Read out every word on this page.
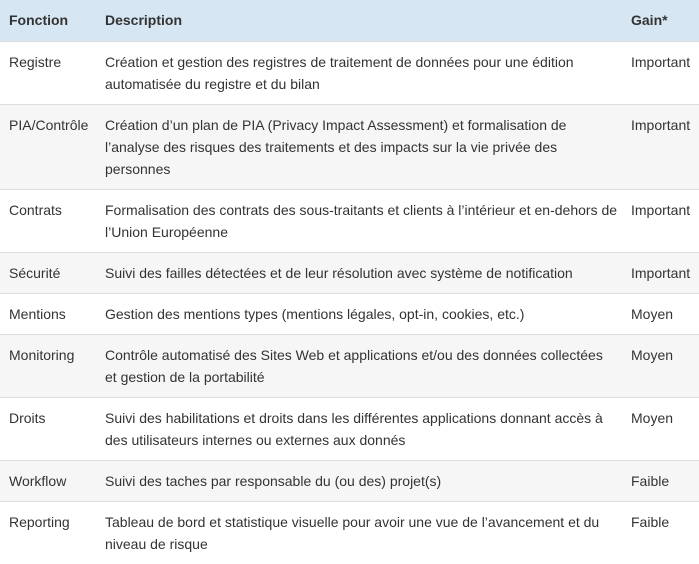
Fonction	Description	Gain*
Registre	Création et gestion des registres de traitement de données pour une édition automatisée du registre et du bilan	Important
PIA/Contrôle	Création d’un plan de PIA (Privacy Impact Assessment) et formalisation de l’analyse des risques des traitements et des impacts sur la vie privée des personnes	Important
Contrats	Formalisation des contrats des sous-traitants et clients à l’intérieur et en-dehors de l’Union Européenne	Important
Sécurité	Suivi des failles détectées et de leur résolution avec système de notification	Important
Mentions	Gestion des mentions types (mentions légales, opt-in, cookies, etc.)	Moyen
Monitoring	Contrôle automatisé des Sites Web et applications et/ou des données collectées et gestion de la portabilité	Moyen
Droits	Suivi des habilitations et droits dans les différentes applications donnant accès à des utilisateurs internes ou externes aux donnés	Moyen
Workflow	Suivi des taches par responsable du (ou des) projet(s)	Faible
Reporting	Tableau de bord et statistique visuelle pour avoir une vue de l’avancement et du niveau de risque	Faible
